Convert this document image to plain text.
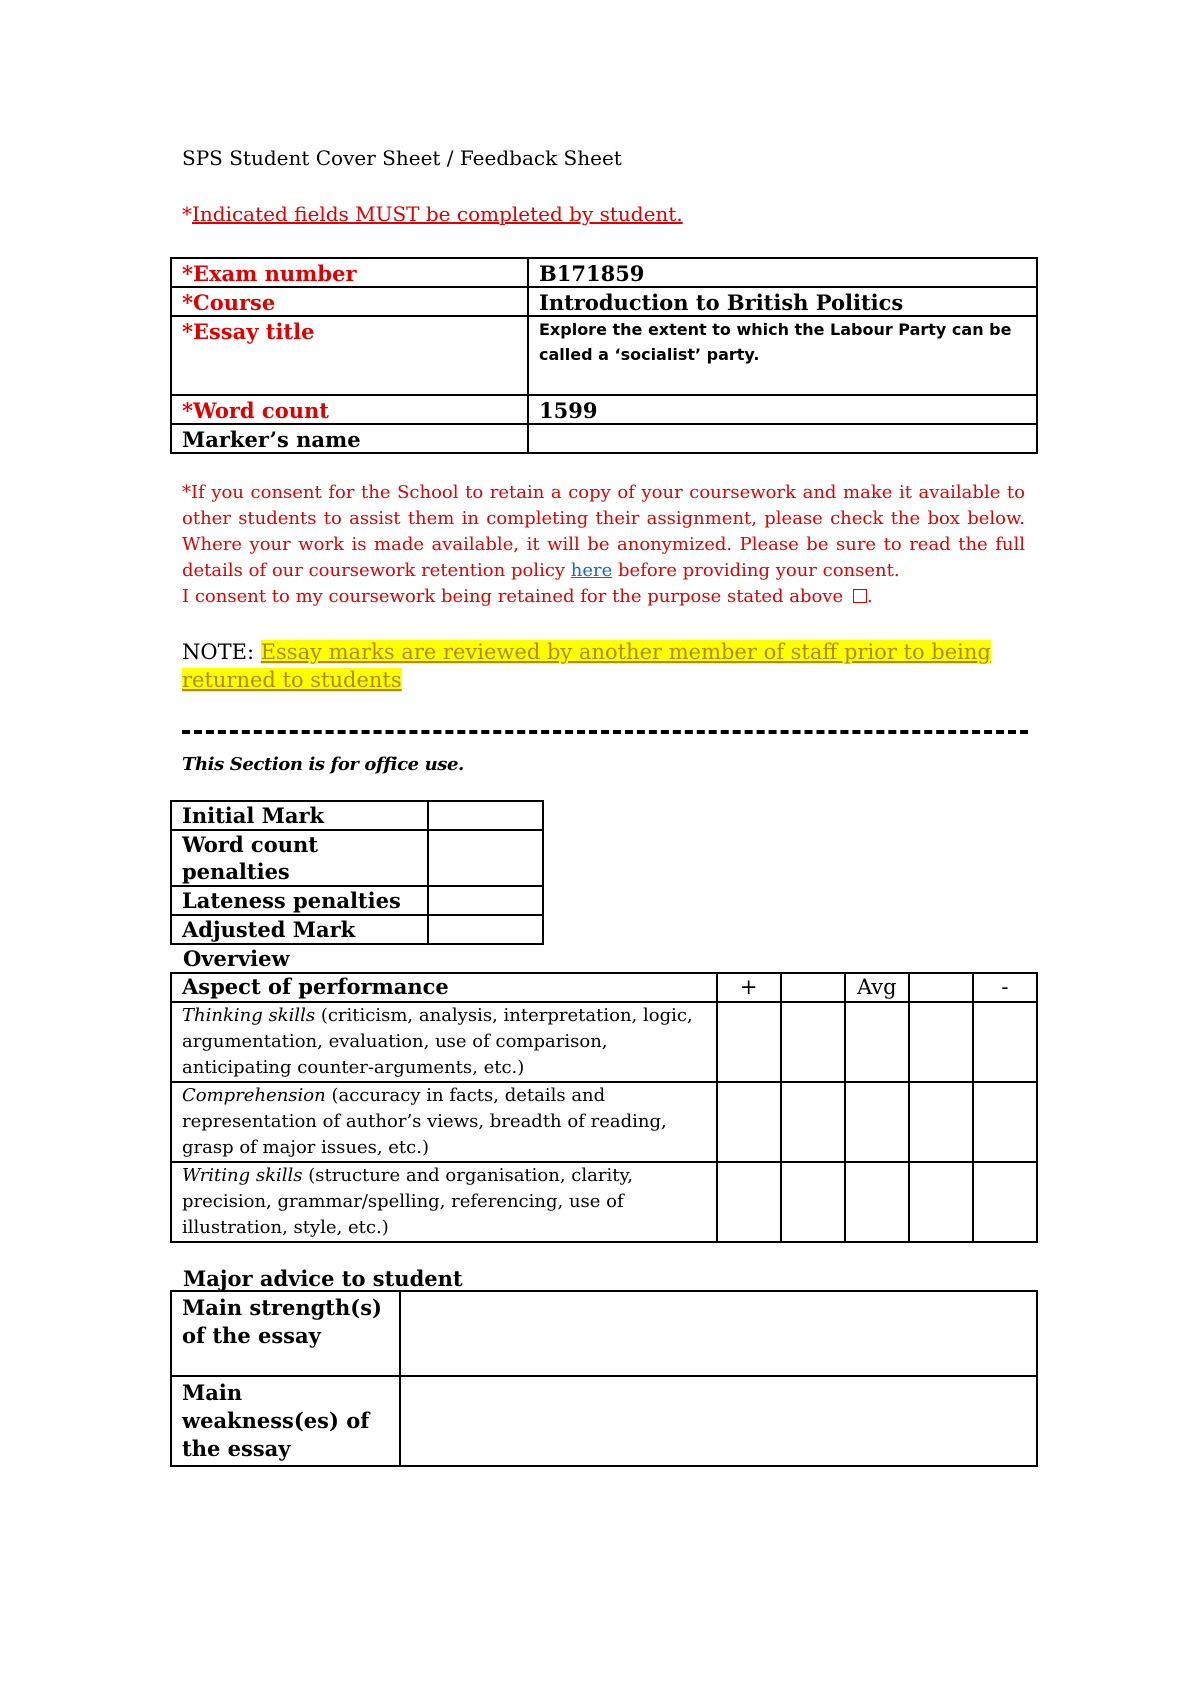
SPS Student Cover Sheet / Feedback Sheet
*Indicated fields MUST be completed by student.
*Exam number	B171859
*Course	Introduction to British Politics
*Essay title	Explore the extent to which the Labour Party can be called a ‘socialist’ party.
*Word count	1599
Marker’s name	
*If you consent for the School to retain a copy of your coursework and make it available to other students to assist them in completing their assignment, please check the box below. Where your work is made available, it will be anonymized. Please be sure to read the full details of our coursework retention policy here before providing your consent.
I consent to my coursework being retained for the purpose stated above .
NOTE: Essay marks are reviewed by another member of staff prior to being returned to students
This Section is for office use.
Initial Mark	
Word count penalties	
Lateness penalties	
Adjusted Mark	
Overview
Aspect of performance	+		Avg		-
Thinking skills (criticism, analysis, interpretation, logic, argumentation, evaluation, use of comparison, anticipating counter-arguments, etc.)					
Comprehension (accuracy in facts, details and representation of author’s views, breadth of reading, grasp of major issues, etc.)					
Writing skills (structure and organisation, clarity, precision, grammar/spelling, referencing, use of illustration, style, etc.)					
Major advice to student
Main strength(s) of the essay	
Main weakness(es) of the essay	
